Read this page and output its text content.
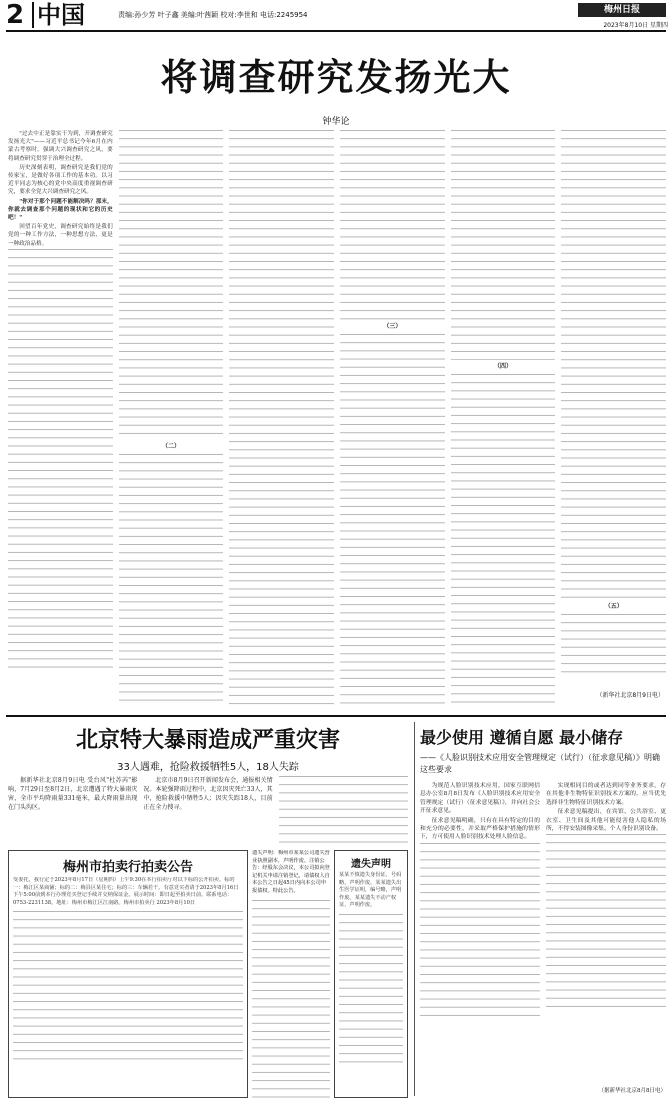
2 中国	责编:孙少芳 叶子鑫 美编:叶茜颖 校对:李世和 电话:2245954	梅州日报
2023年8月10日 星期四
将调查研究发扬光大
钟华论

"过去中正是靠实干为到，开调查研究发扬光大"——习近平总书记今年6月在内蒙古考察时，强调大兴调查研究之风，要将调查研究贯穿于治理全过程。

历史深刻表明，调查研究是我们党的传家宝，是做好各项工作的基本功。以习近平同志为核心的党中央高度重视调查研究，要求全党大兴调查研究之风。

"你对于那个问题不能解决吗？那末，你就去调查那个问题的现状和它的历史吧！"

回望百年党史，调查研究始终是我们党的一种工作方法，一种思想方法，更是一种政治品格。

（二）

（三）

（四）

（五）

（新华社北京8月9日电）
北京特大暴雨造成严重灾害
33人遇难，抢险救援牺牲5人，18人失踪

据新华社北京8月9日电 受台风"杜苏芮"影响，7月29日至8月2日，北京遭遇了特大暴雨灾害，全市平均降雨量331毫米，最大降雨量出现在门头沟区。

北京市8月9日召开新闻发布会，通报相关情况。本轮强降雨过程中，北京因灾死亡33人，其中，抢险救援中牺牲5人；因灾失踪18人，目前正在全力搜寻。

梅州市拍卖行拍卖公告
受委托，我行定于2023年8月17日（星期四）上午9:30在本行拍卖厅对以下标的公开拍卖。标的一：梅江区某商铺；标的二：梅县区某住宅；标的三：车辆若干。有意竞买者请于2023年8月16日下午5:00前到本行办理竞买登记手续并交纳保证金。展示时间：即日起至拍卖日前。联系电话：0753-2231138。地址：梅州市梅江区江南路。梅州市拍卖行 2023年8月10日
遗失声明：梅州市某某公司遗失营业执照副本，声明作废。注销公告：经股东会决议，本公司拟向登记机关申请注销登记，请债权人自本公告之日起45日内向本公司申报债权。特此公告。
遗失声明
某某不慎遗失身份证，号码略，声明作废。某某遗失出生医学证明，编号略，声明作废。某某遗失不动产权证，声明作废。
最少使用 遵循自愿 最小储存
——《人脸识别技术应用安全管理规定（试行）（征求意见稿）》明确这些要求

为规范人脸识别技术应用，国家互联网信息办公室8月8日发布《人脸识别技术应用安全管理规定（试行）（征求意见稿）》，并向社会公开征求意见。

征求意见稿明确，只有在具有特定的目的和充分的必要性，并采取严格保护措施的情形下，方可使用人脸识别技术处理人脸信息。

实现相同目的或者达到同等业务要求，存在其他非生物特征识别技术方案的，应当优先选择非生物特征识别技术方案。

征求意见稿提出，在宾馆、公共浴室、更衣室、卫生间及其他可能侵害他人隐私的场所，不得安装图像采集、个人身份识别设备。

（据新华社北京8月8日电）
